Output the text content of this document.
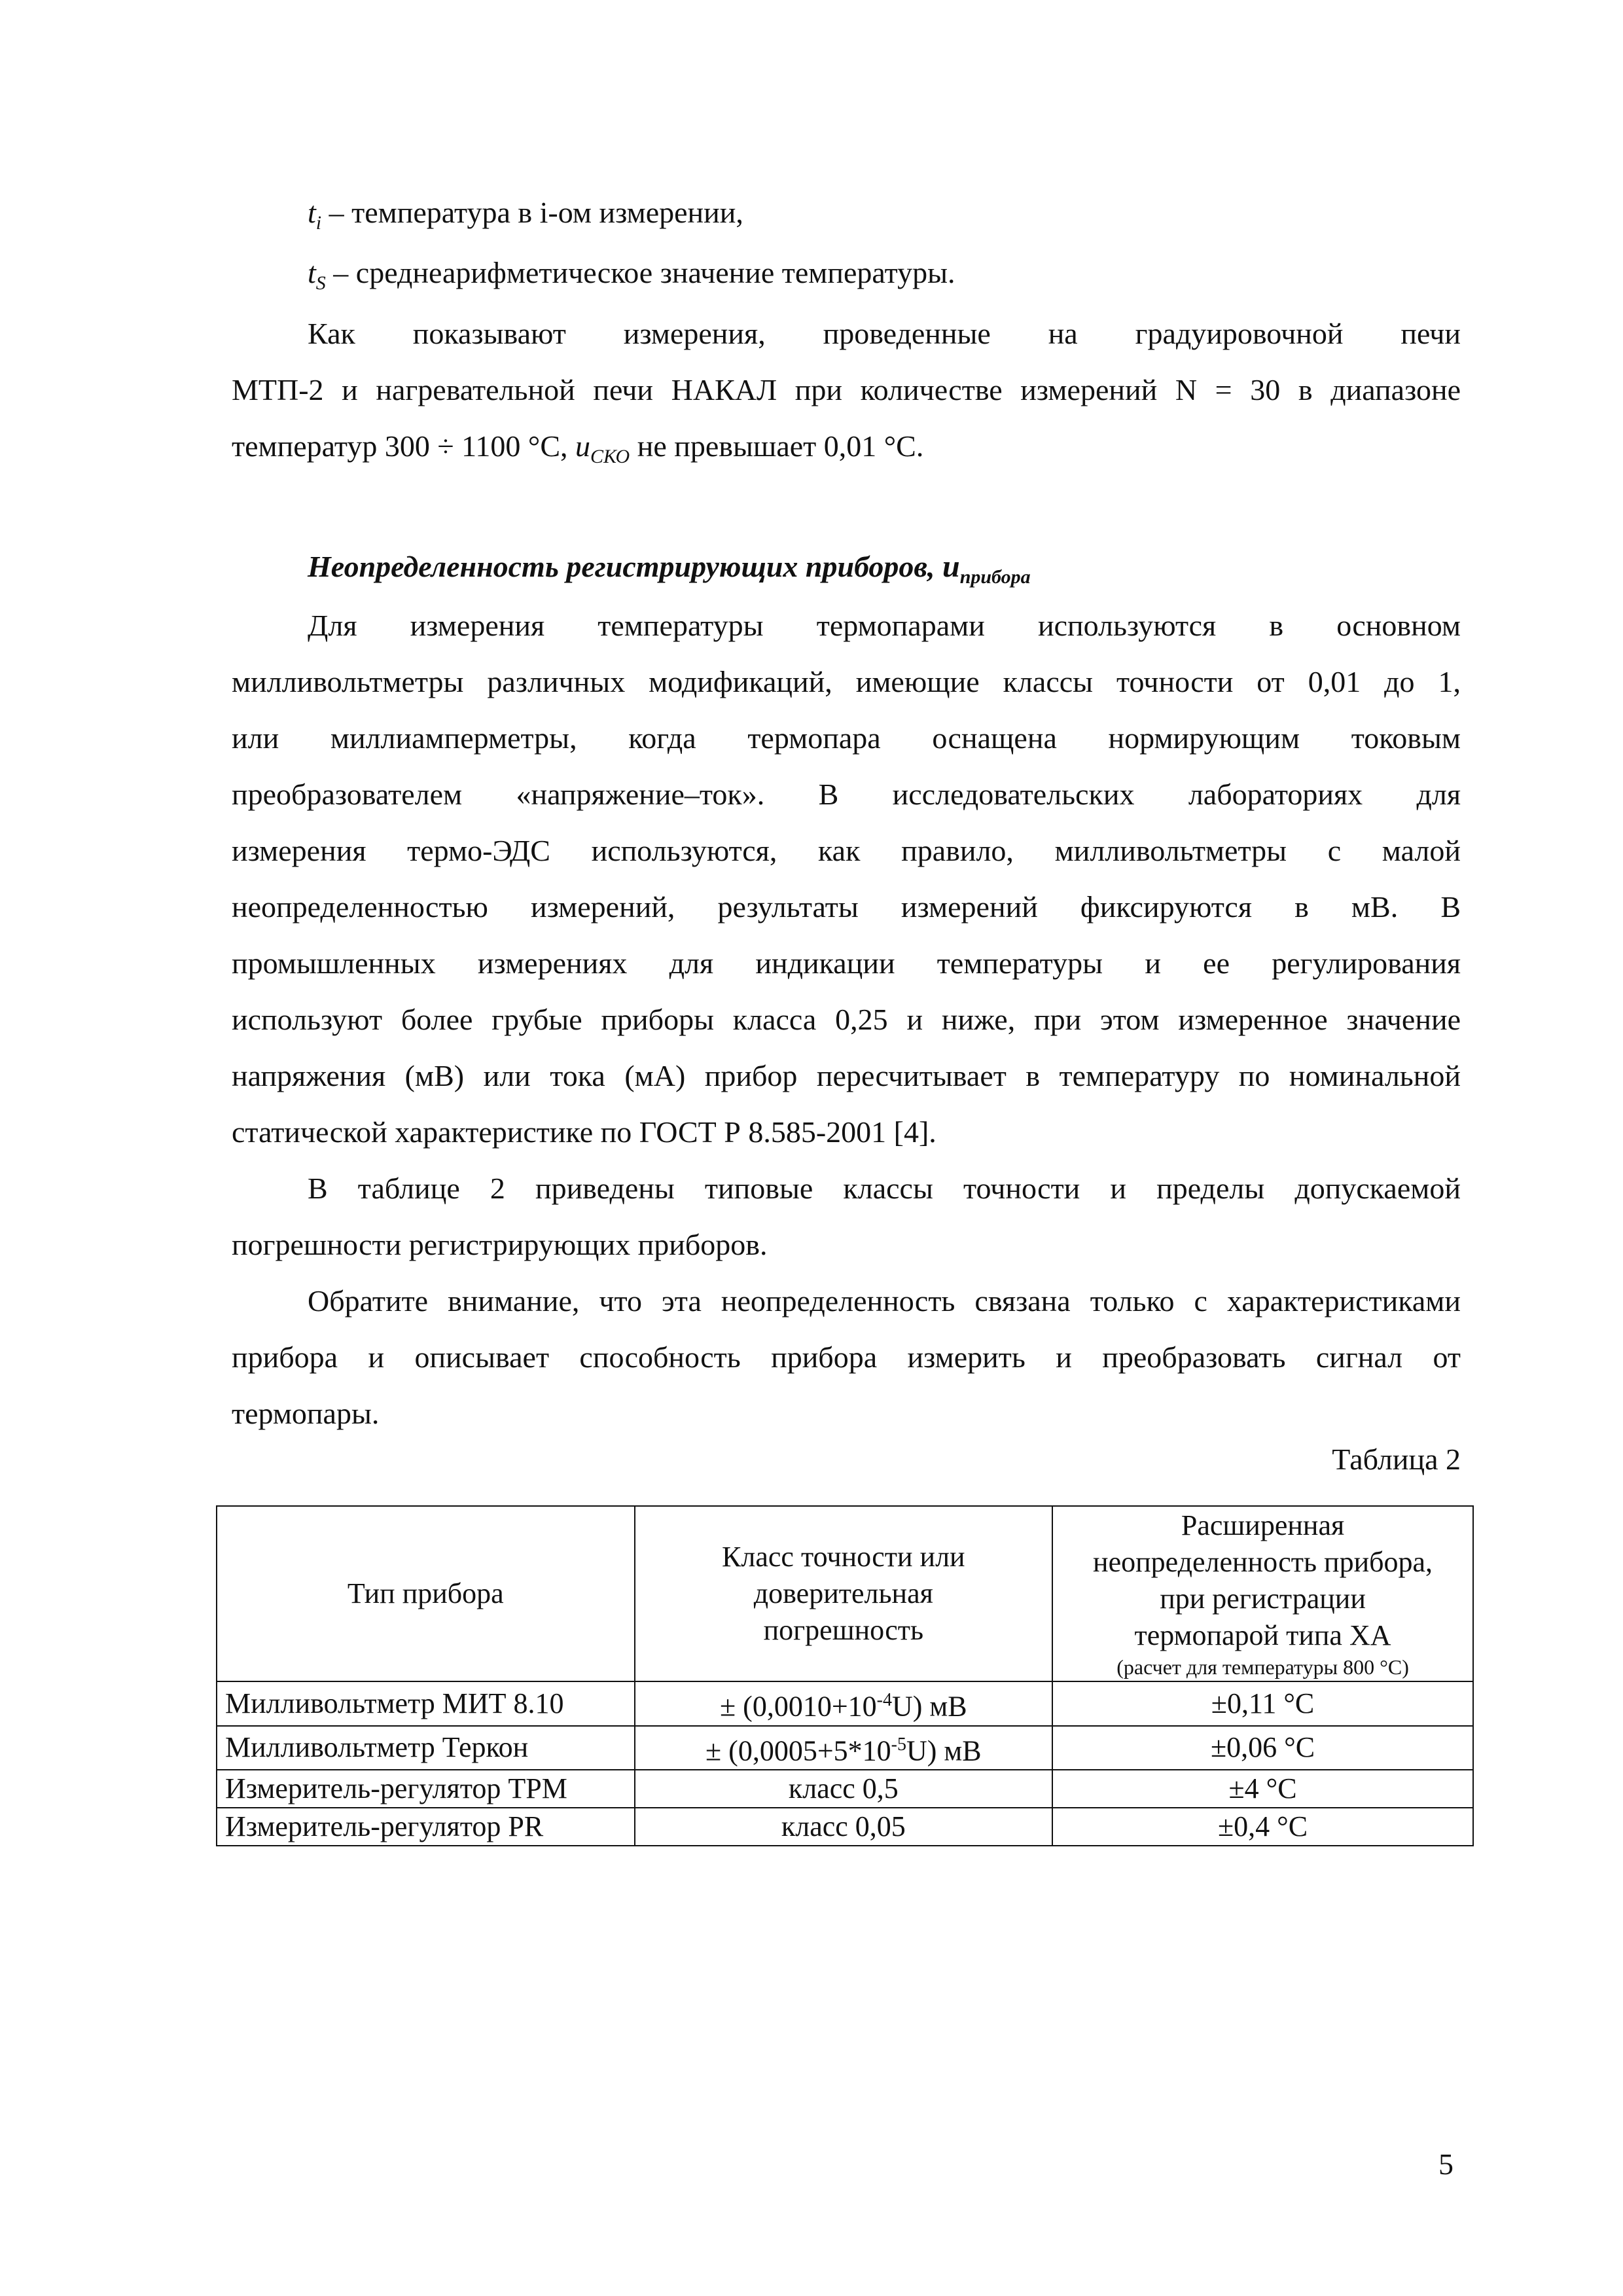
$t_i$ – температура в i-ом измерении,
$t_S$ – среднеарифметическое значение температуры.
Как показывают измерения, проведенные на градуировочной печи
МТП-2 и нагревательной печи НАКАЛ при количестве измерений N = 30 в диапазоне
температур 300 ÷ 1100 °С, $u_{СКО}$ не превышает 0,01 °С.
Неопределенность регистрирующих приборов, $u_{прибора}$
Для измерения температуры термопарами используются в основном
милливольтметры различных модификаций, имеющие классы точности от 0,01 до 1,
или миллиамперметры, когда термопара оснащена нормирующим токовым
преобразователем «напряжение–ток». В исследовательских лабораториях для
измерения термо-ЭДС используются, как правило, милливольтметры с малой
неопределенностью измерений, результаты измерений фиксируются в мВ. В
промышленных измерениях для индикации температуры и ее регулирования
используют более грубые приборы класса 0,25 и ниже, при этом измеренное значение
напряжения (мВ) или тока (мА) прибор пересчитывает в температуру по номинальной
статической характеристике по ГОСТ Р 8.585-2001 [4].
В таблице 2 приведены типовые классы точности и пределы допускаемой
погрешности регистрирующих приборов.
Обратите внимание, что эта неопределенность связана только с характеристиками
прибора и описывает способность прибора измерить и преобразовать сигнал от
термопары.
Таблица 2
Тип прибора	Класс точности или
доверительная
погрешность	Расширенная
неопределенность прибора,
при регистрации
термопарой типа ХА
(расчет для температуры 800 °С)

Милливольтметр МИТ 8.10	± $(0,0010+10^{-4}U)$ мВ	±0,11 °С
Милливольтметр Теркон	± $(0,0005+5*10^{-5}U)$ мВ	±0,06 °С
Измеритель-регулятор ТРМ	класс 0,5	±4 °С
Измеритель-регулятор PR	класс 0,05	±0,4 °С
5
